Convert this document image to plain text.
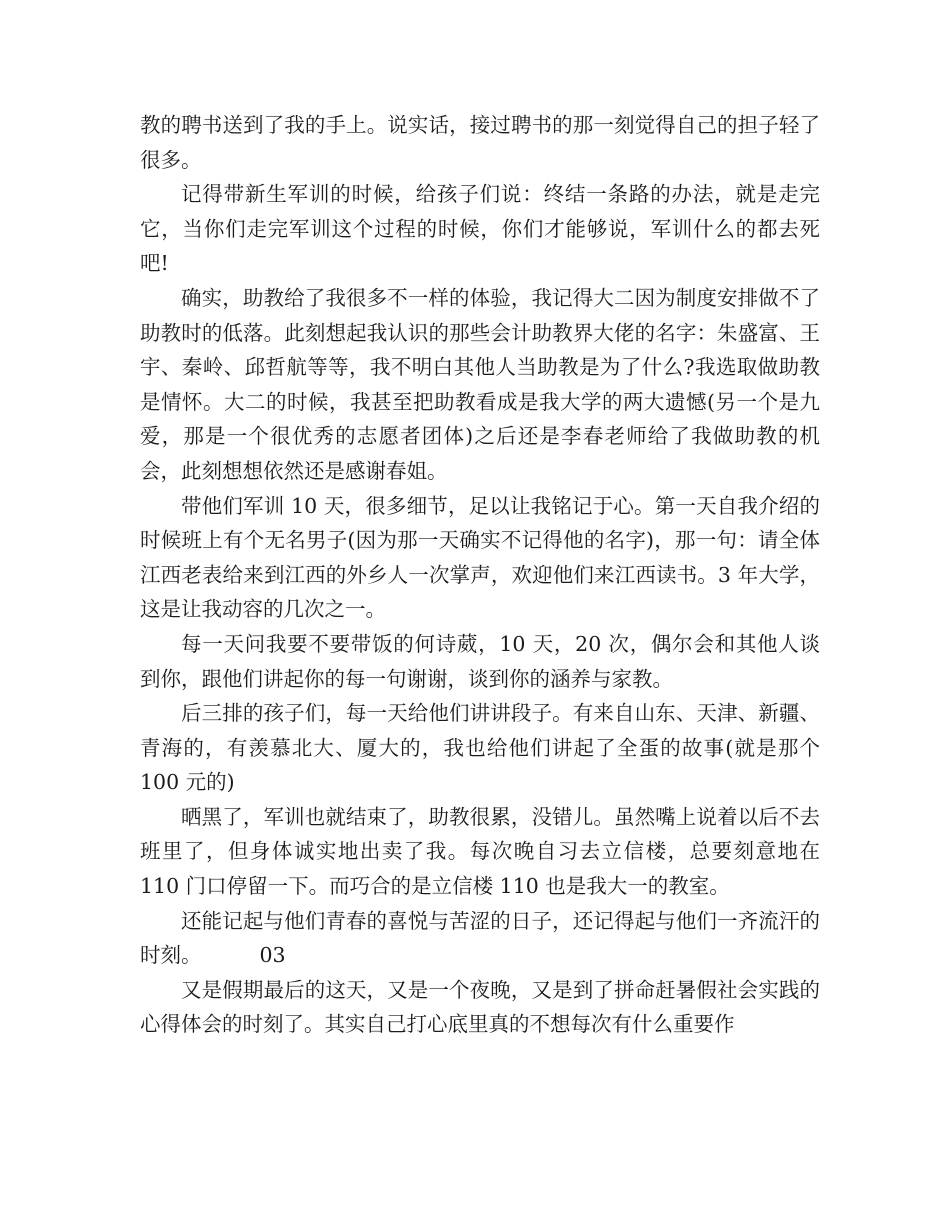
教的聘书送到了我的手上。说实话，接过聘书的那一刻觉得自己的担子轻了很多。

记得带新生军训的时候，给孩子们说：终结一条路的办法，就是走完它，当你们走完军训这个过程的时候，你们才能够说，军训什么的都去死吧!

确实，助教给了我很多不一样的体验，我记得大二因为制度安排做不了助教时的低落。此刻想起我认识的那些会计助教界大佬的名字：朱盛富、王宇、秦岭、邱哲航等等，我不明白其他人当助教是为了什么?我选取做助教是情怀。大二的时候，我甚至把助教看成是我大学的两大遗憾(另一个是九爱，那是一个很优秀的志愿者团体)之后还是李春老师给了我做助教的机会，此刻想想依然还是感谢春姐。

带他们军训 10 天，很多细节，足以让我铭记于心。第一天自我介绍的时候班上有个无名男子(因为那一天确实不记得他的名字)，那一句：请全体江西老表给来到江西的外乡人一次掌声，欢迎他们来江西读书。3 年大学，这是让我动容的几次之一。

每一天问我要不要带饭的何诗葳，10 天，20 次，偶尔会和其他人谈到你，跟他们讲起你的每一句谢谢，谈到你的涵养与家教。

后三排的孩子们，每一天给他们讲讲段子。有来自山东、天津、新疆、青海的，有羡慕北大、厦大的，我也给他们讲起了全蛋的故事(就是那个 100 元的)

晒黑了，军训也就结束了，助教很累，没错儿。虽然嘴上说着以后不去班里了，但身体诚实地出卖了我。每次晚自习去立信楼，总要刻意地在 110 门口停留一下。而巧合的是立信楼 110 也是我大一的教室。

还能记起与他们青春的喜悦与苦涩的日子，还记得起与他们一齐流汗的时刻。	03

又是假期最后的这天，又是一个夜晚，又是到了拼命赶暑假社会实践的心得体会的时刻了。其实自己打心底里真的不想每次有什么重要作
